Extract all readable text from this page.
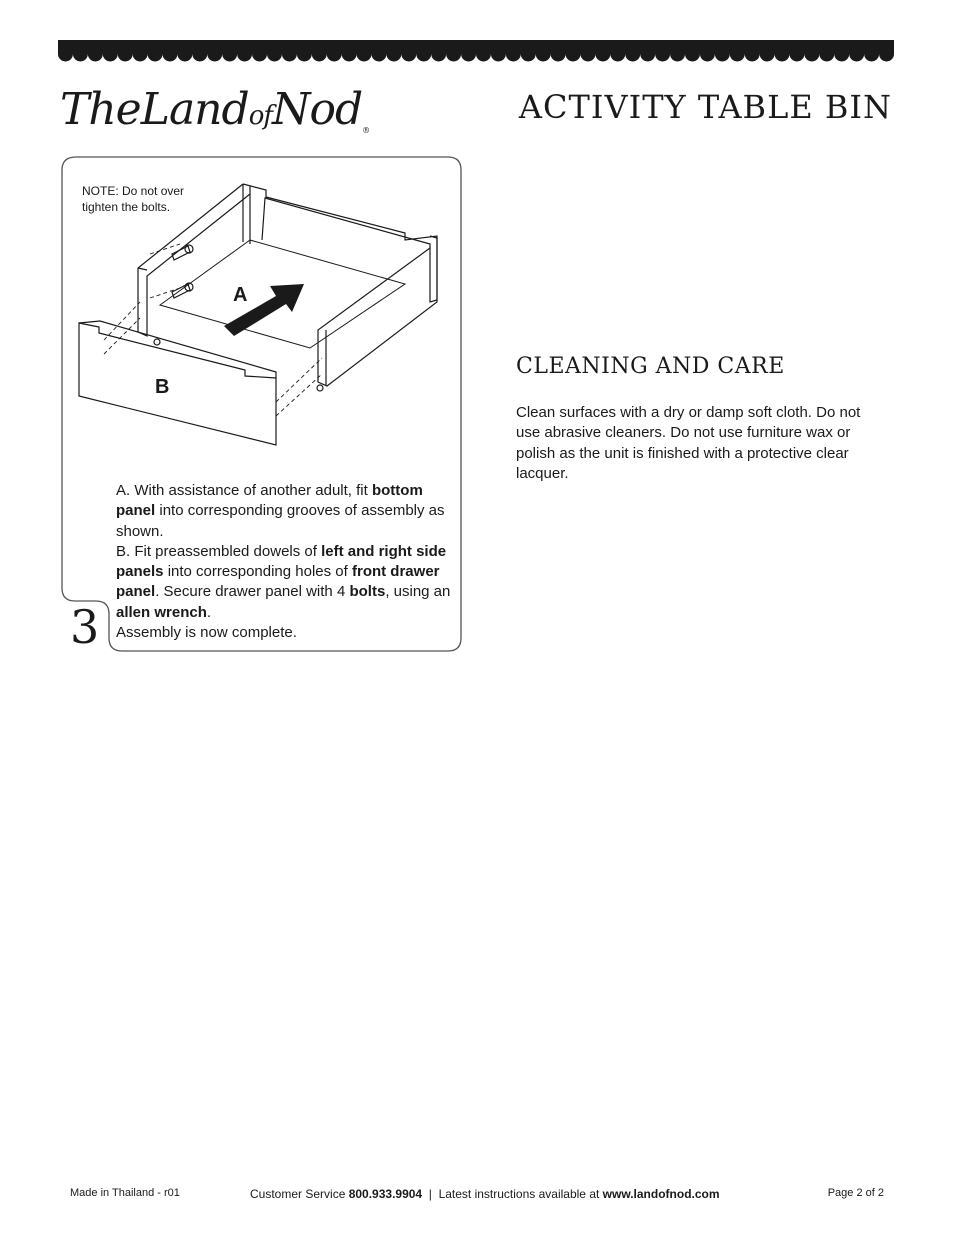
TheLandofNod®
ACTIVITY TABLE BIN
NOTE: Do not over tighten the bolts.
A
B

A. With assistance of another adult, fit bottom panel into corresponding grooves of assembly as shown.

B. Fit preassembled dowels of left and right side panels into corresponding holes of front drawer panel. Secure drawer panel with 4 bolts, using an allen wrench.

Assembly is now complete.

3
CLEANING AND CARE
Clean surfaces with a dry or damp soft cloth. Do not use abrasive cleaners. Do not use furniture wax or polish as the unit is finished with a protective clear lacquer.
Made in Thailand - r01	Customer Service 800.933.9904  |  Latest instructions available at www.landofnod.com	Page 2 of 2
